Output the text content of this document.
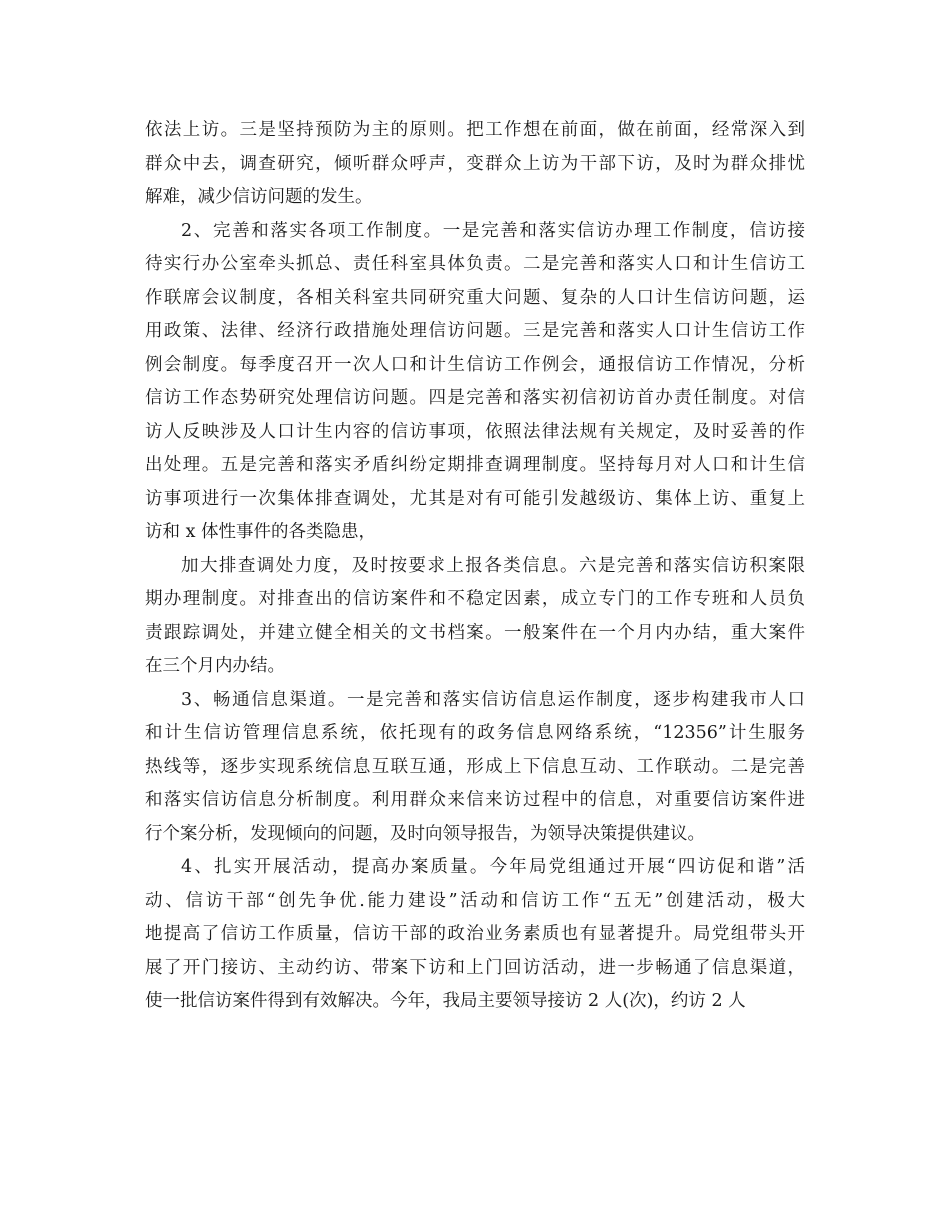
依法上访。三是坚持预防为主的原则。把工作想在前面，做在前面，经常深入到
群众中去，调查研究，倾听群众呼声，变群众上访为干部下访，及时为群众排忧
解难，减少信访问题的发生。
2、完善和落实各项工作制度。一是完善和落实信访办理工作制度，信访接
待实行办公室牵头抓总、责任科室具体负责。二是完善和落实人口和计生信访工
作联席会议制度，各相关科室共同研究重大问题、复杂的人口计生信访问题，运
用政策、法律、经济行政措施处理信访问题。三是完善和落实人口计生信访工作
例会制度。每季度召开一次人口和计生信访工作例会，通报信访工作情况，分析
信访工作态势研究处理信访问题。四是完善和落实初信初访首办责任制度。对信
访人反映涉及人口计生内容的信访事项，依照法律法规有关规定，及时妥善的作
出处理。五是完善和落实矛盾纠纷定期排查调理制度。坚持每月对人口和计生信
访事项进行一次集体排查调处，尤其是对有可能引发越级访、集体上访、重复上
访和 x 体性事件的各类隐患，
加大排查调处力度，及时按要求上报各类信息。六是完善和落实信访积案限
期办理制度。对排查出的信访案件和不稳定因素，成立专门的工作专班和人员负
责跟踪调处，并建立健全相关的文书档案。一般案件在一个月内办结，重大案件
在三个月内办结。
3、畅通信息渠道。一是完善和落实信访信息运作制度，逐步构建我市人口
和计生信访管理信息系统，依托现有的政务信息网络系统，“12356”计生服务
热线等，逐步实现系统信息互联互通，形成上下信息互动、工作联动。二是完善
和落实信访信息分析制度。利用群众来信来访过程中的信息，对重要信访案件进
行个案分析，发现倾向的问题，及时向领导报告，为领导决策提供建议。
4、扎实开展活动，提高办案质量。今年局党组通过开展“四访促和谐”活
动、信访干部“创先争优.能力建设”活动和信访工作“五无”创建活动，极大
地提高了信访工作质量，信访干部的政治业务素质也有显著提升。局党组带头开
展了开门接访、主动约访、带案下访和上门回访活动，进一步畅通了信息渠道，
使一批信访案件得到有效解决。今年，我局主要领导接访 2 人(次)，约访 2 人
